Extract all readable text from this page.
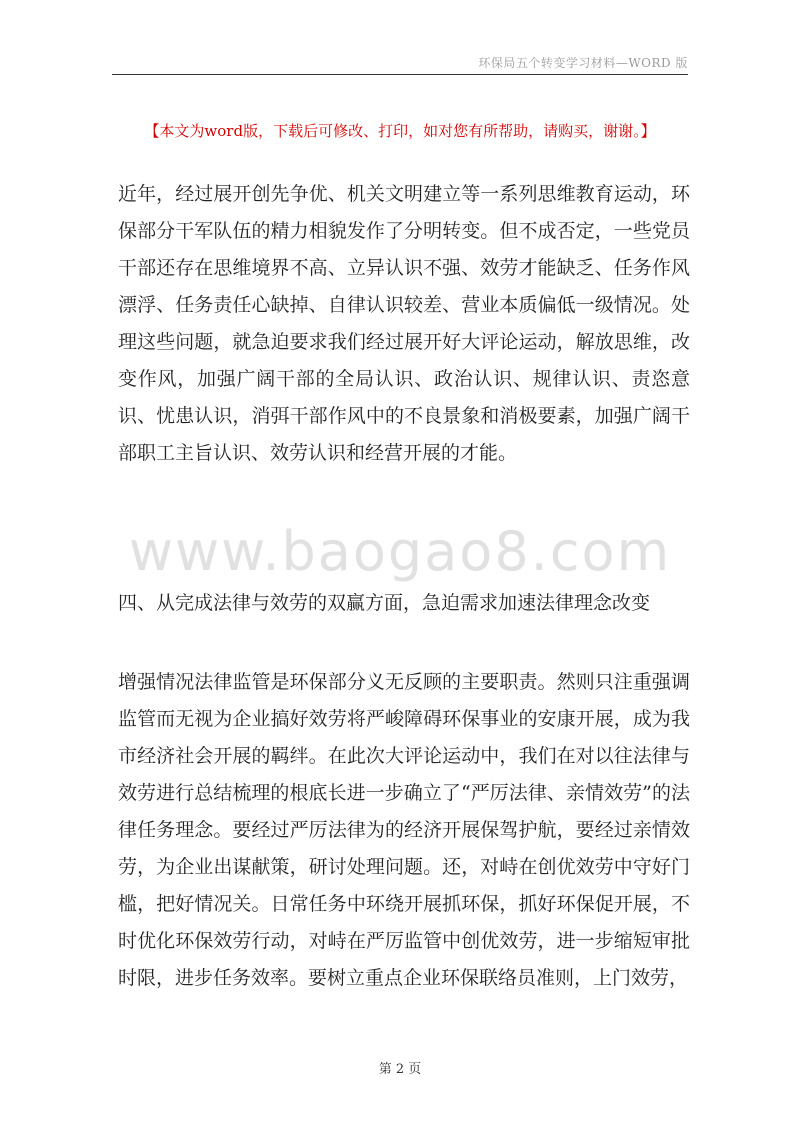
环保局五个转变学习材料—WORD 版
【本文为word版，下载后可修改、打印，如对您有所帮助，请购买，谢谢。】

近年，经过展开创先争优、机关文明建立等一系列思维教育运动，环保部分干军队伍的精力相貌发作了分明转变。但不成否定，一些党员干部还存在思维境界不高、立异认识不强、效劳才能缺乏、任务作风漂浮、任务责任心缺掉、自律认识较差、营业本质偏低一级情况。处理这些问题，就急迫要求我们经过展开好大评论运动，解放思维，改变作风，加强广阔干部的全局认识、政治认识、规律认识、责恣意识、忧患认识，消弭干部作风中的不良景象和消极要素，加强广阔干部职工主旨认识、效劳认识和经营开展的才能。

www.baogao8.com

四、从完成法律与效劳的双赢方面，急迫需求加速法律理念改变

增强情况法律监管是环保部分义无反顾的主要职责。然则只注重强调监管而无视为企业搞好效劳将严峻障碍环保事业的安康开展，成为我市经济社会开展的羁绊。在此次大评论运动中，我们在对以往法律与效劳进行总结梳理的根底长进一步确立了“严厉法律、亲情效劳”的法律任务理念。要经过严厉法律为的经济开展保驾护航，要经过亲情效劳，为企业出谋献策，研讨处理问题。还，对峙在创优效劳中守好门槛，把好情况关。日常任务中环绕开展抓环保，抓好环保促开展，不时优化环保效劳行动，对峙在严厉监管中创优效劳，进一步缩短审批时限，进步任务效率。要树立重点企业环保联络员准则，上门效劳，

第 2 页
